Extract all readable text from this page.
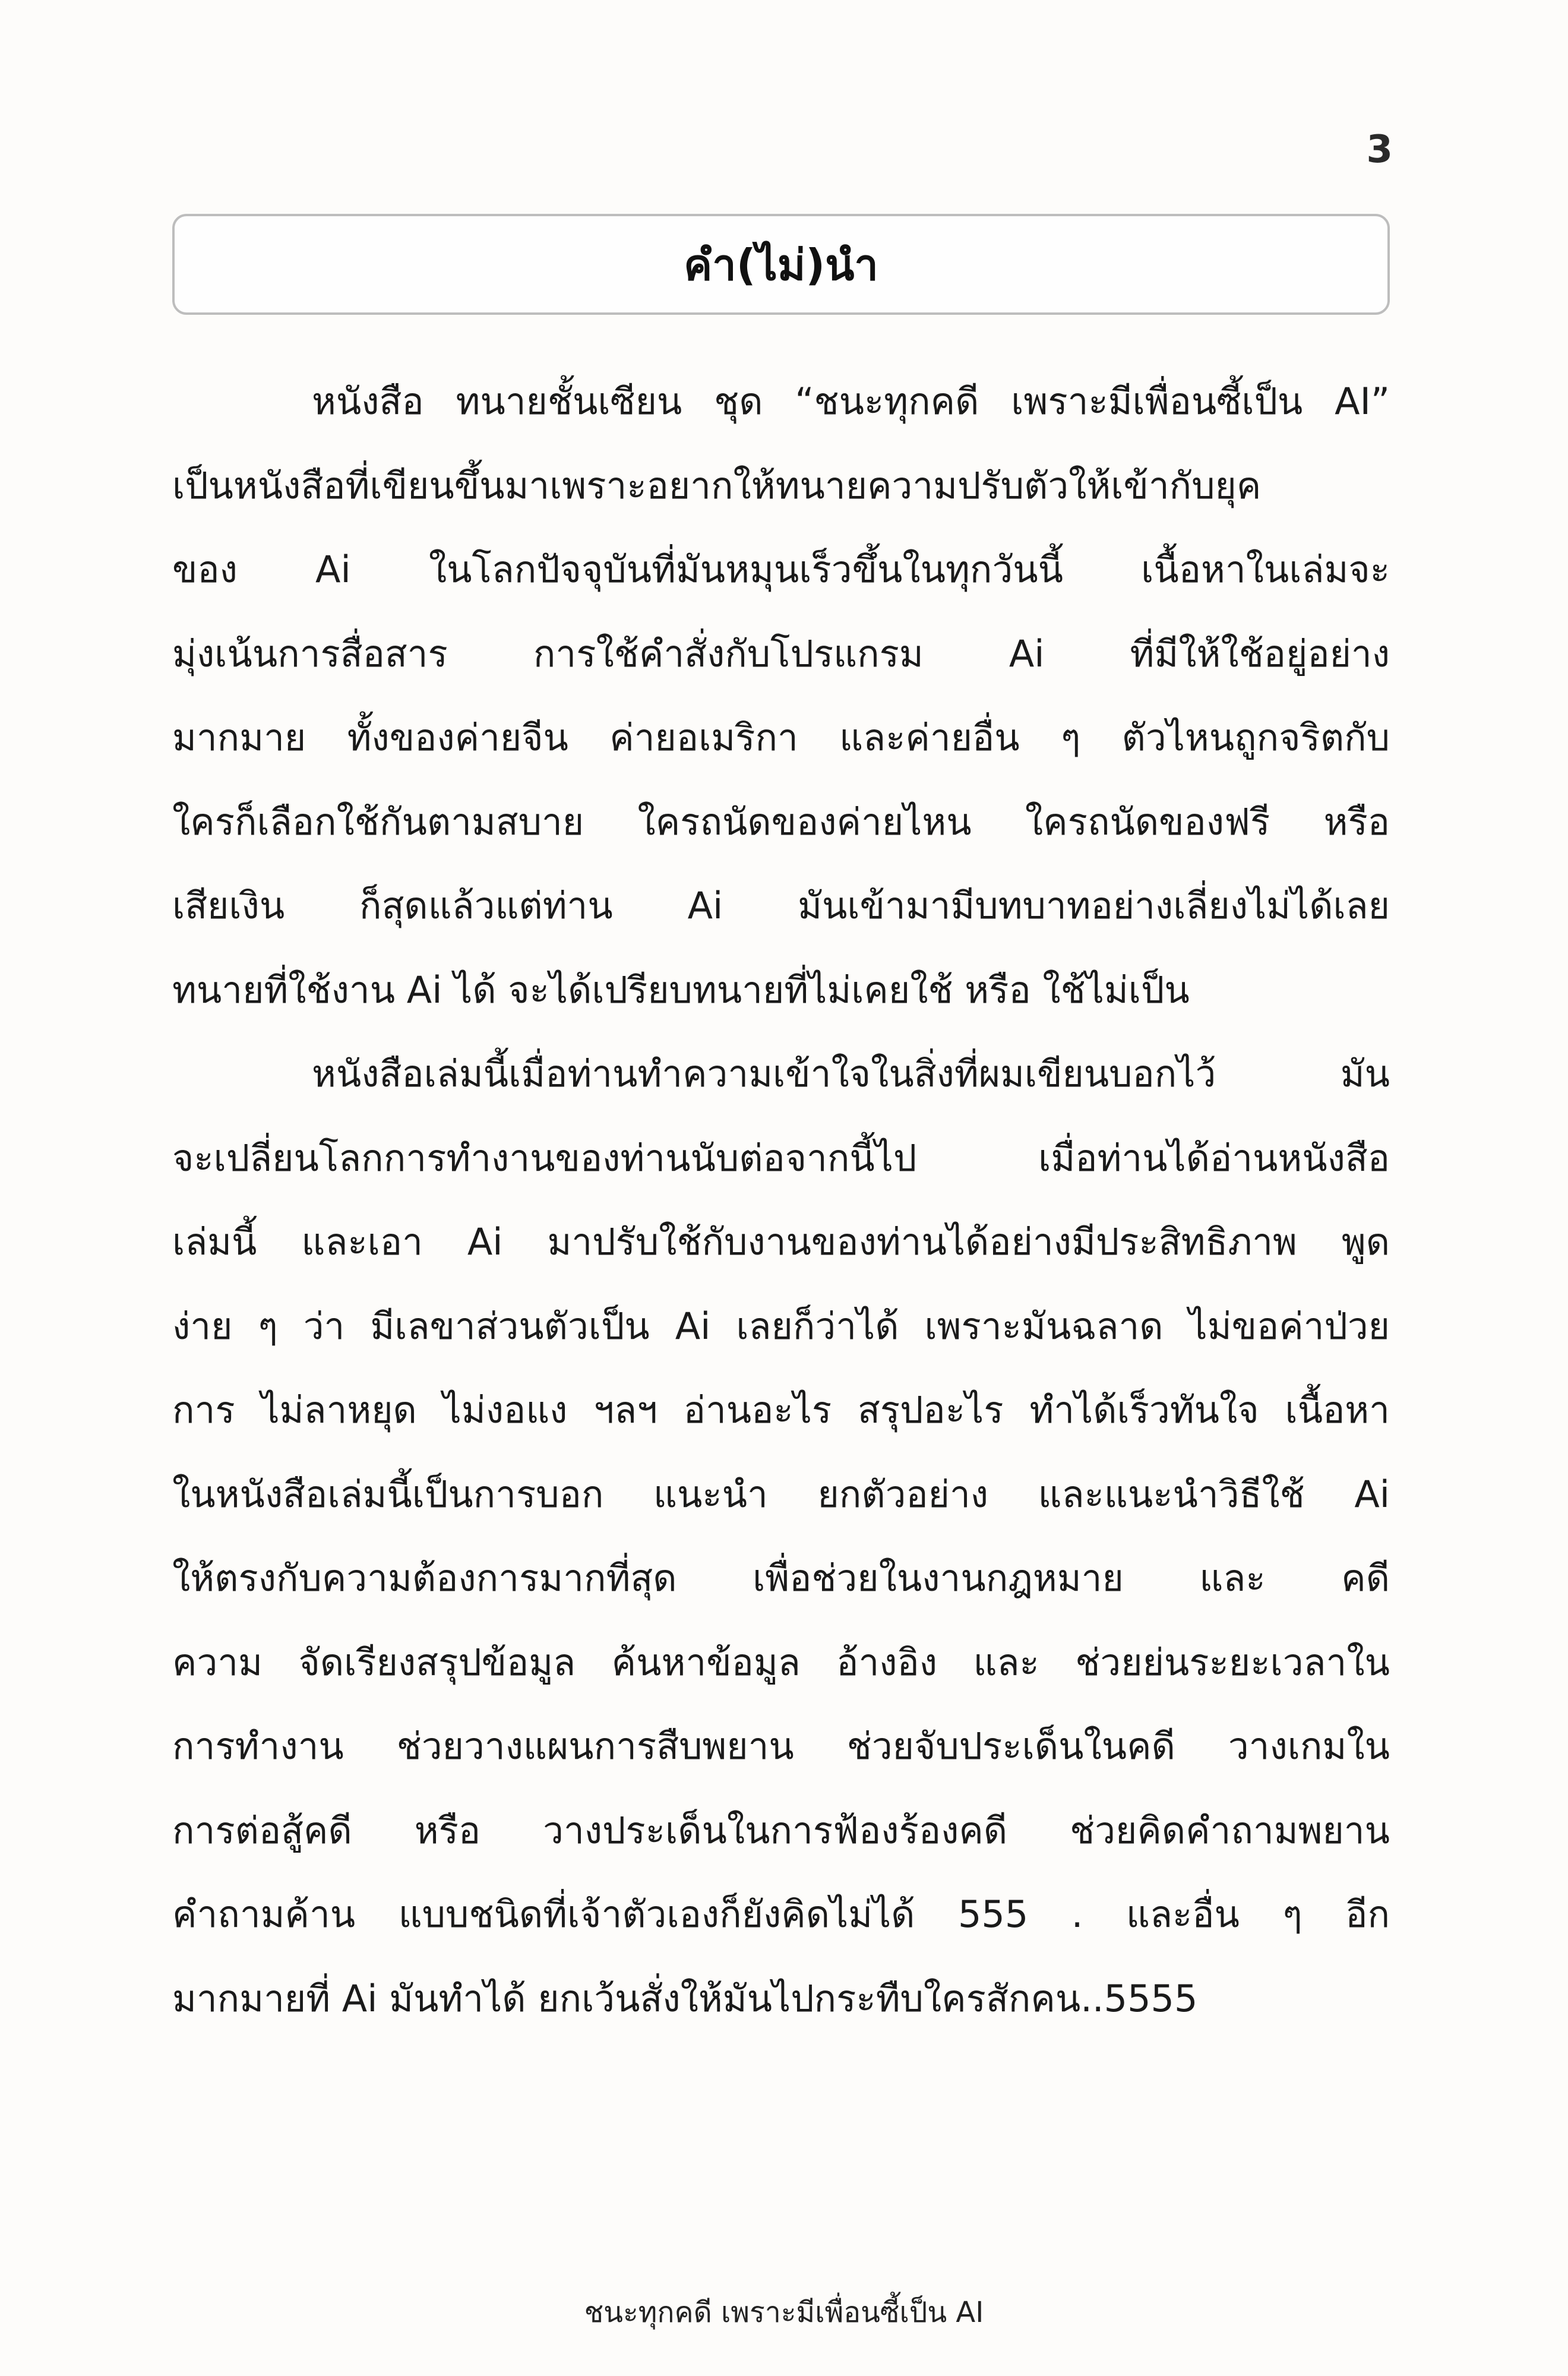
3
คำ(ไม่)นำ
หนังสือ ทนายชั้นเซียน ชุด “ชนะทุกคดี เพราะมีเพื่อนซี้เป็น AI”
เป็นหนังสือที่เขียนขึ้นมาเพราะอยากให้ทนายความปรับตัวให้เข้ากับยุค
ของ Ai ในโลกปัจจุบันที่มันหมุนเร็วขึ้นในทุกวันนี้ เนื้อหาในเล่มจะ
มุ่งเน้นการสื่อสาร การใช้คำสั่งกับโปรแกรม Ai ที่มีให้ใช้อยู่อย่าง
มากมาย ทั้งของค่ายจีน ค่ายอเมริกา และค่ายอื่น ๆ ตัวไหนถูกจริตกับ
ใครก็เลือกใช้กันตามสบาย ใครถนัดของค่ายไหน ใครถนัดของฟรี หรือ
เสียเงิน ก็สุดแล้วแต่ท่าน Ai มันเข้ามามีบทบาทอย่างเลี่ยงไม่ได้เลย
ทนายที่ใช้งาน Ai ได้ จะได้เปรียบทนายที่ไม่เคยใช้ หรือ ใช้ไม่เป็น
หนังสือเล่มนี้เมื่อท่านทำความเข้าใจในสิ่งที่ผมเขียนบอกไว้ มัน
จะเปลี่ยนโลกการทำงานของท่านนับต่อจากนี้ไป เมื่อท่านได้อ่านหนังสือ
เล่มนี้ และเอา Ai มาปรับใช้กับงานของท่านได้อย่างมีประสิทธิภาพ พูด
ง่าย ๆ ว่า มีเลขาส่วนตัวเป็น Ai เลยก็ว่าได้ เพราะมันฉลาด ไม่ขอค่าป่วย
การ ไม่ลาหยุด ไม่งอแง ฯลฯ อ่านอะไร สรุปอะไร ทำได้เร็วทันใจ เนื้อหา
ในหนังสือเล่มนี้เป็นการบอก แนะนำ ยกตัวอย่าง และแนะนำวิธีใช้ Ai
ให้ตรงกับความต้องการมากที่สุด เพื่อช่วยในงานกฎหมาย และ คดี
ความ จัดเรียงสรุปข้อมูล ค้นหาข้อมูล อ้างอิง และ ช่วยย่นระยะเวลาใน
การทำงาน ช่วยวางแผนการสืบพยาน ช่วยจับประเด็นในคดี วางเกมใน
การต่อสู้คดี หรือ วางประเด็นในการฟ้องร้องคดี ช่วยคิดคำถามพยาน
คำถามค้าน แบบชนิดที่เจ้าตัวเองก็ยังคิดไม่ได้ 555 . และอื่น ๆ อีก
มากมายที่ Ai มันทำได้ ยกเว้นสั่งให้มันไปกระทืบใครสักคน..5555
ชนะทุกคดี เพราะมีเพื่อนซี้เป็น AI
